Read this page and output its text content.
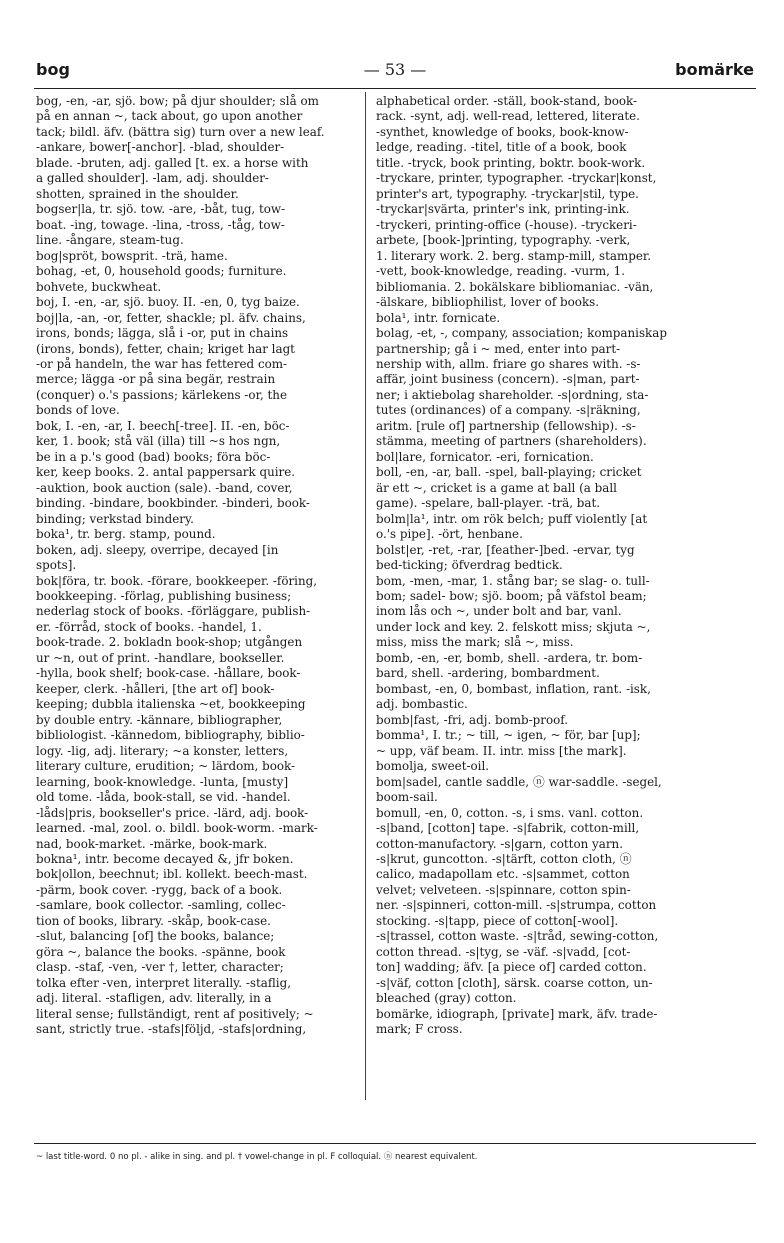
bog	— 53 —	bomärke
bog, -en, -ar, sjö. bow; på djur shoulder; slå om
på en annan ~, tack about, go upon another
tack; bildl. äfv. (bättra sig) turn over a new leaf.
-ankare, bower[-anchor]. -blad, shoulder-
blade. -bruten, adj. galled [t. ex. a horse with
a galled shoulder]. -lam, adj. shoulder-
shotten, sprained in the shoulder.
bogser|la, tr. sjö. tow. -are, -båt, tug, tow-
boat. -ing, towage. -lina, -tross, -tåg, tow-
line. -ångare, steam-tug.
bog|spröt, bowsprit. -trä, hame.
bohag, -et, 0, household goods; furniture.
bohvete, buckwheat.
boj, I. -en, -ar, sjö. buoy. II. -en, 0, tyg baize.
boj|la, -an, -or, fetter, shackle; pl. äfv. chains,
irons, bonds; lägga, slå i -or, put in chains
(irons, bonds), fetter, chain; kriget har lagt
-or på handeln, the war has fettered com-
merce; lägga -or på sina begär, restrain
(conquer) o.'s passions; kärlekens -or, the
bonds of love.
bok, I. -en, -ar, I. beech[-tree]. II. -en, böc-
ker, 1. book; stå väl (illa) till ~s hos ngn,
be in a p.'s good (bad) books; föra böc-
ker, keep books. 2. antal pappersark quire.
-auktion, book auction (sale). -band, cover,
binding. -bindare, bookbinder. -binderi, book-
binding; verkstad bindery.
boka¹, tr. berg. stamp, pound.
boken, adj. sleepy, overripe, decayed [in
spots].
bok|föra, tr. book. -förare, bookkeeper. -föring,
bookkeeping. -förlag, publishing business;
nederlag stock of books. -förläggare, publish-
er. -förråd, stock of books. -handel, 1.
book-trade. 2. bokladn book-shop; utgången
ur ~n, out of print. -handlare, bookseller.
-hylla, book shelf; book-case. -hållare, book-
keeper, clerk. -hålleri, [the art of] book-
keeping; dubbla italienska ~et, bookkeeping
by double entry. -kännare, bibliographer,
bibliologist. -kännedom, bibliography, biblio-
logy. -lig, adj. literary; ~a konster, letters,
literary culture, erudition; ~ lärdom, book-
learning, book-knowledge. -lunta, [musty]
old tome. -låda, book-stall, se vid. -handel.
-låds|pris, bookseller's price. -lärd, adj. book-
learned. -mal, zool. o. bildl. book-worm. -mark-
nad, book-market. -märke, book-mark.
bokna¹, intr. become decayed &, jfr boken.
bok|ollon, beechnut; ibl. kollekt. beech-mast.
-pärm, book cover. -rygg, back of a book.
-samlare, book collector. -samling, collec-
tion of books, library. -skåp, book-case.
-slut, balancing [of] the books, balance;
göra ~, balance the books. -spänne, book
clasp. -staf, -ven, -ver †, letter, character;
tolka efter -ven, interpret literally. -staflig,
adj. literal. -stafligen, adv. literally, in a
literal sense; fullständigt, rent af positively; ~
sant, strictly true. -stafs|följd, -stafs|ordning,
alphabetical order. -ställ, book-stand, book-
rack. -synt, adj. well-read, lettered, literate.
-synthet, knowledge of books, book-know-
ledge, reading. -titel, title of a book, book
title. -tryck, book printing, boktr. book-work.
-tryckare, printer, typographer. -tryckar|konst,
printer's art, typography. -tryckar|stil, type.
-tryckar|svärta, printer's ink, printing-ink.
-tryckeri, printing-office (-house). -tryckeri-
arbete, [book-]printing, typography. -verk,
1. literary work. 2. berg. stamp-mill, stamper.
-vett, book-knowledge, reading. -vurm, 1.
bibliomania. 2. bokälskare bibliomaniac. -vän,
-älskare, bibliophilist, lover of books.
bola¹, intr. fornicate.
bolag, -et, -, company, association; kompaniskap
partnership; gå i ~ med, enter into part-
nership with, allm. friare go shares with. -s-
affär, joint business (concern). -s|man, part-
ner; i aktiebolag shareholder. -s|ordning, sta-
tutes (ordinances) of a company. -s|räkning,
aritm. [rule of] partnership (fellowship). -s-
stämma, meeting of partners (shareholders).
bol|lare, fornicator. -eri, fornication.
boll, -en, -ar, ball. -spel, ball-playing; cricket
är ett ~, cricket is a game at ball (a ball
game). -spelare, ball-player. -trä, bat.
bolm|la¹, intr. om rök belch; puff violently [at
o.'s pipe]. -ört, henbane.
bolst|er, -ret, -rar, [feather-]bed. -ervar, tyg
bed-ticking; öfverdrag bedtick.
bom, -men, -mar, 1. stång bar; se slag- o. tull-
bom; sadel- bow; sjö. boom; på väfstol beam;
inom lås och ~, under bolt and bar, vanl.
under lock and key. 2. felskott miss; skjuta ~,
miss, miss the mark; slå ~, miss.
bomb, -en, -er, bomb, shell. -ardera, tr. bom-
bard, shell. -ardering, bombardment.
bombast, -en, 0, bombast, inflation, rant. -isk,
adj. bombastic.
bomb|fast, -fri, adj. bomb-proof.
bomma¹, I. tr.; ~ till, ~ igen, ~ för, bar [up];
~ upp, väf beam. II. intr. miss [the mark].
bomolja, sweet-oil.
bom|sadel, cantle saddle, ⓝ war-saddle. -segel,
boom-sail.
bomull, -en, 0, cotton. -s, i sms. vanl. cotton.
-s|band, [cotton] tape. -s|fabrik, cotton-mill,
cotton-manufactory. -s|garn, cotton yarn.
-s|krut, guncotton. -s|tärft, cotton cloth, ⓝ
calico, madapollam etc. -s|sammet, cotton
velvet; velveteen. -s|spinnare, cotton spin-
ner. -s|spinneri, cotton-mill. -s|strumpa, cotton
stocking. -s|tapp, piece of cotton[-wool].
-s|trassel, cotton waste. -s|tråd, sewing-cotton,
cotton thread. -s|tyg, se -väf. -s|vadd, [cot-
ton] wadding; äfv. [a piece of] carded cotton.
-s|väf, cotton [cloth], särsk. coarse cotton, un-
bleached (gray) cotton.
bomärke, idiograph, [private] mark, äfv. trade-
mark; F cross.
~ last title-word. 0 no pl. - alike in sing. and pl. † vowel-change in pl. F colloquial. ⓝ nearest equivalent.
